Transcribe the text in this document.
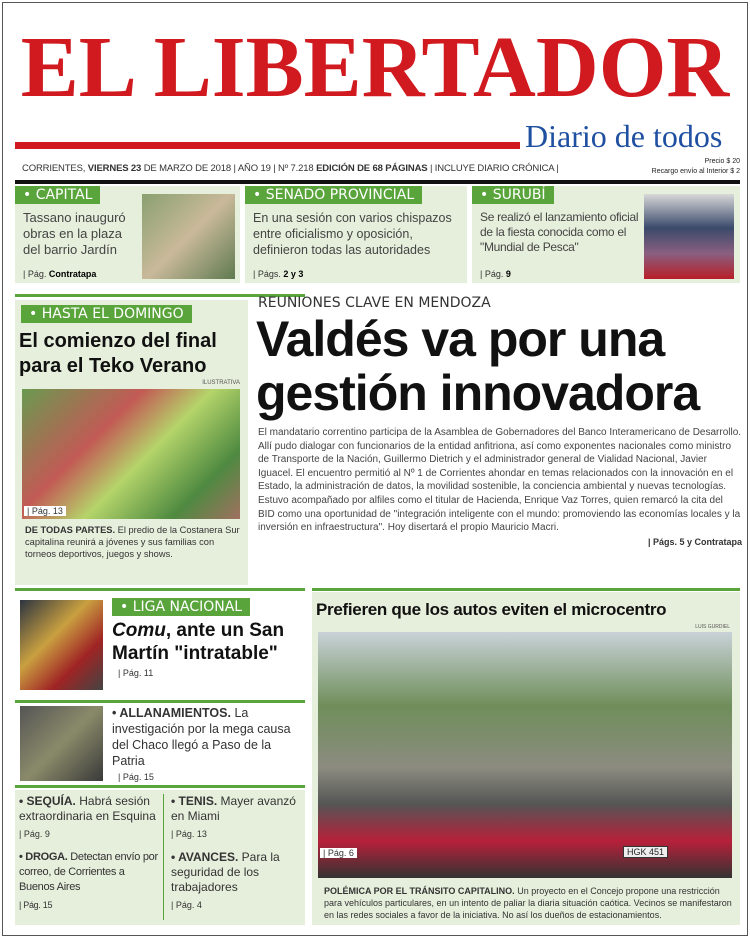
EL LIBERTADOR
Diario de todos
CORRIENTES, VIERNES 23 DE MARZO DE 2018 | AÑO 19 | Nº 7.218 EDICIÓN DE 68 PÁGINAS | INCLUYE DIARIO CRÓNICA |
Precio $ 20
Recargo envío al Interior $ 2
• CAPITAL
Tassano inauguró obras en la plaza del barrio Jardín
| Pág. Contratapa
• SENADO PROVINCIAL
En una sesión con varios chispazos entre oficialismo y oposición, definieron todas las autoridades
| Págs. 2 y 3
• SURUBÍ
Se realizó el lanzamiento oficial de la fiesta conocida como el "Mundial de Pesca"
| Pág. 9
• HASTA EL DOMINGO
El comienzo del final para el Teko Verano
ILUSTRATIVA
| Pág. 13
DE TODAS PARTES. El predio de la Costanera Sur capitalina reunirá a jóvenes y sus familias con torneos deportivos, juegos y shows.
REUNIONES CLAVE EN MENDOZA
Valdés va por una gestión innovadora
El mandatario correntino participa de la Asamblea de Gobernadores del Banco Interamericano de Desarrollo. Allí pudo dialogar con funcionarios de la entidad anfitriona, así como exponentes nacionales como ministro de Transporte de la Nación, Guillermo Dietrich y el administrador general de Vialidad Nacional, Javier Iguacel. El encuentro permitió al Nº 1 de Corrientes ahondar en temas relacionados con la innovación en el Estado, la administración de datos, la movilidad sostenible, la conciencia ambiental y nuevas tecnologías. Estuvo acompañado por alfiles como el titular de Hacienda, Enrique Vaz Torres, quien remarcó la cita del BID como una oportunidad de "integración inteligente con el mundo: promoviendo las economías locales y la inversión en infraestructura". Hoy disertará el propio Mauricio Macri.
| Págs. 5 y Contratapa
• LIGA NACIONAL
Comu, ante un San Martín "intratable"
| Pág. 11
• ALLANAMIENTOS. La investigación por la mega causa del Chaco llegó a Paso de la Patria
| Pág. 15
• SEQUÍA. Habrá sesión extraordinaria en Esquina
| Pág. 9
• DROGA. Detectan envío por correo, de Corrientes a Buenos Aires
| Pág. 15
• TENIS. Mayer avanzó en Miami
| Pág. 13
• AVANCES. Para la seguridad de los trabajadores
| Pág. 4
Prefieren que los autos eviten el microcentro
LUIS GURDIEL
| Pág. 6	HGK 451
POLÉMICA POR EL TRÁNSITO CAPITALINO. Un proyecto en el Concejo propone una restricción para vehículos particulares, en un intento de paliar la diaria situación caótica. Vecinos se manifestaron en las redes sociales a favor de la iniciativa. No así los dueños de estacionamientos.
